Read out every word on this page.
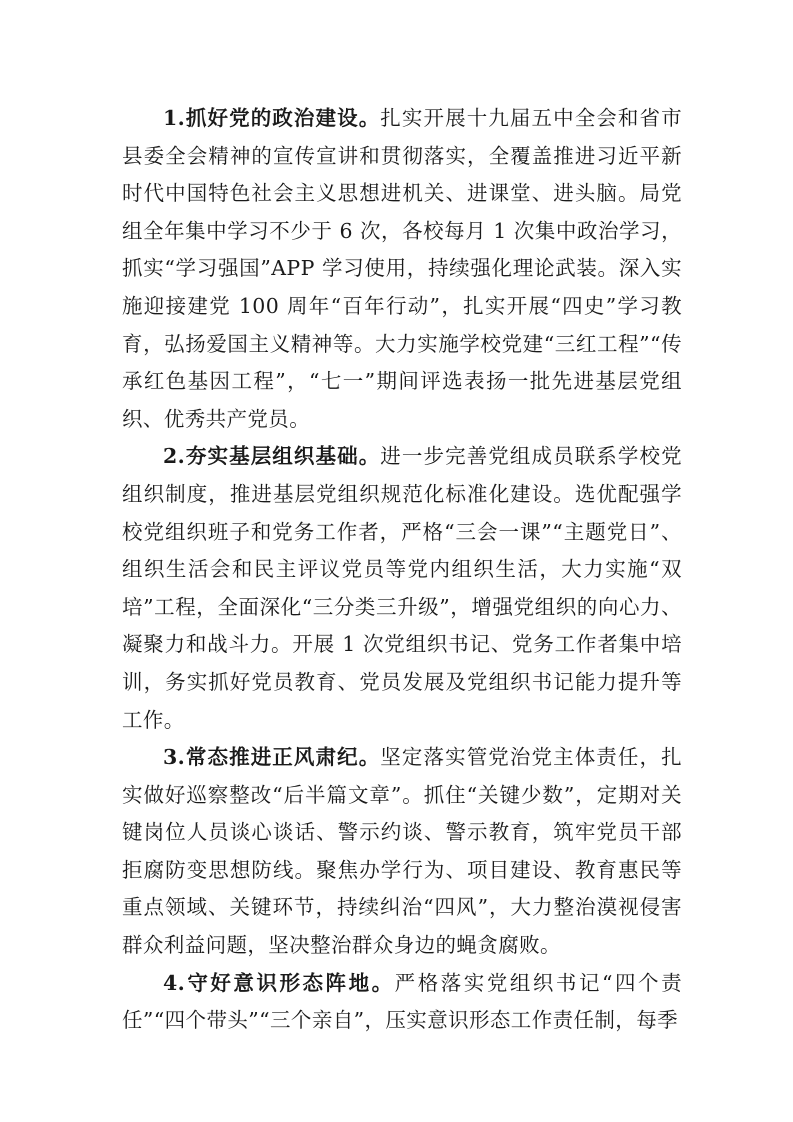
1.抓好党的政治建设。扎实开展十九届五中全会和省市县委全会精神的宣传宣讲和贯彻落实，全覆盖推进习近平新时代中国特色社会主义思想进机关、进课堂、进头脑。局党组全年集中学习不少于 6 次，各校每月 1 次集中政治学习，抓实“学习强国”APP 学习使用，持续强化理论武装。深入实施迎接建党 100 周年“百年行动”，扎实开展“四史”学习教育，弘扬爱国主义精神等。大力实施学校党建“三红工程”“传承红色基因工程”，“七一”期间评选表扬一批先进基层党组织、优秀共产党员。

2.夯实基层组织基础。进一步完善党组成员联系学校党组织制度，推进基层党组织规范化标准化建设。选优配强学校党组织班子和党务工作者，严格“三会一课”“主题党日”、组织生活会和民主评议党员等党内组织生活，大力实施“双培”工程，全面深化“三分类三升级”，增强党组织的向心力、凝聚力和战斗力。开展 1 次党组织书记、党务工作者集中培训，务实抓好党员教育、党员发展及党组织书记能力提升等工作。

3.常态推进正风肃纪。坚定落实管党治党主体责任，扎实做好巡察整改“后半篇文章”。抓住“关键少数”，定期对关键岗位人员谈心谈话、警示约谈、警示教育，筑牢党员干部拒腐防变思想防线。聚焦办学行为、项目建设、教育惠民等重点领域、关键环节，持续纠治“四风”，大力整治漠视侵害群众利益问题，坚决整治群众身边的蝇贪腐败。

4.守好意识形态阵地。严格落实党组织书记“四个责任”“四个带头”“三个亲自”，压实意识形态工作责任制，每季
